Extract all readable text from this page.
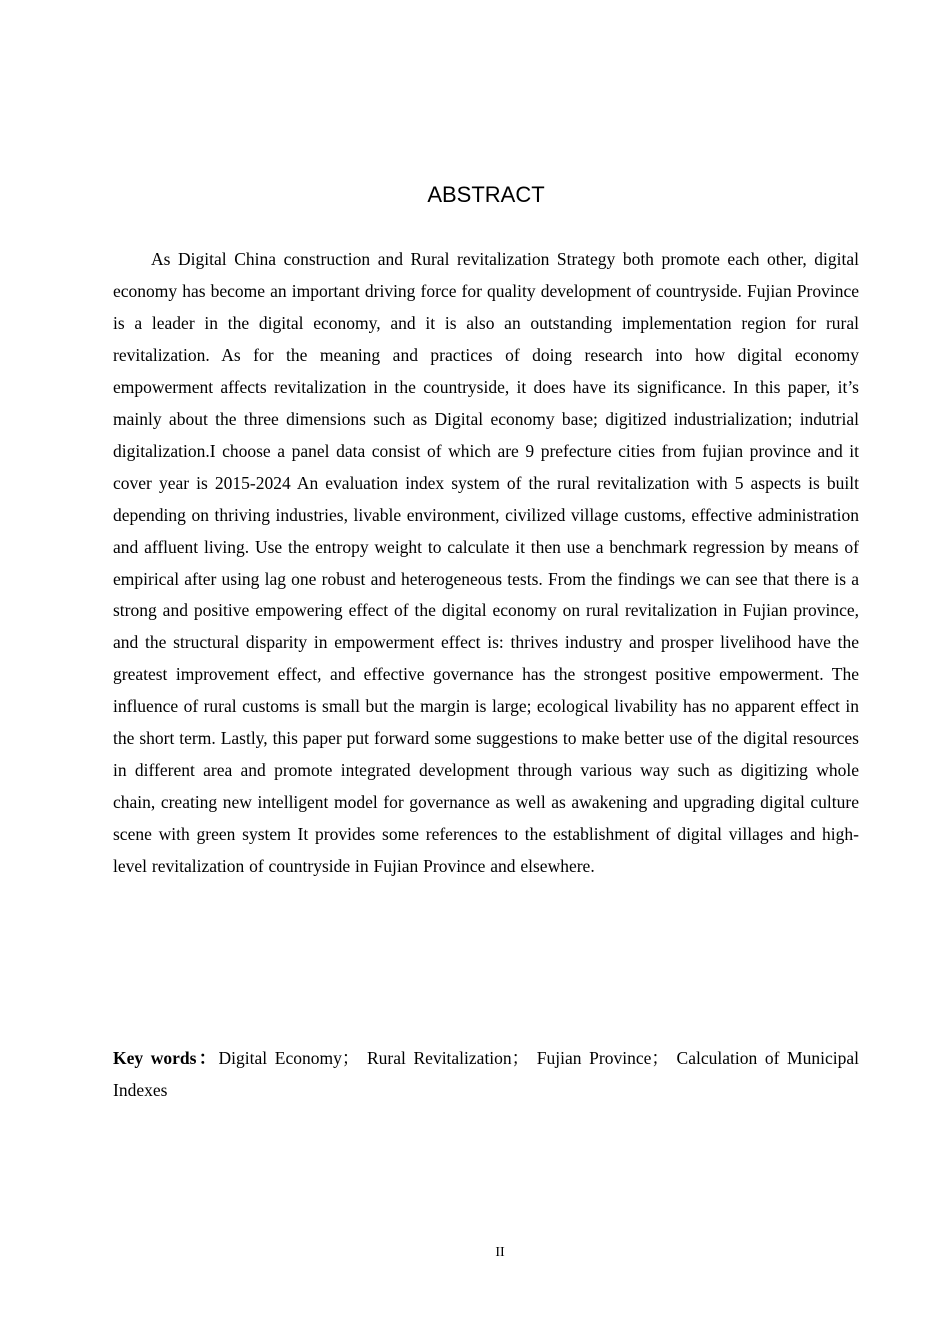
ABSTRACT

As Digital China construction and Rural revitalization Strategy both promote each other, digital economy has become an important driving force for quality development of countryside. Fujian Province is a leader in the digital economy, and it is also an outstanding implementation region for rural revitalization. As for the meaning and practices of doing research into how digital economy empowerment affects revitalization in the countryside, it does have its significance. In this paper, it’s mainly about the three dimensions such as Digital economy base; digitized industrialization; indutrial digitalization.I choose a panel data consist of which are 9 prefecture cities from fujian province and it cover year is 2015-2024 An evaluation index system of the rural revitalization with 5 aspects is built depending on thriving industries, livable environment, civilized village customs, effective administration and affluent living. Use the entropy weight to calculate it then use a benchmark regression by means of empirical after using lag one robust and heterogeneous tests. From the findings we can see that there is a strong and positive empowering effect of the digital economy on rural revitalization in Fujian province, and the structural disparity in empowerment effect is: thrives industry and prosper livelihood have the greatest improvement effect, and effective governance has the strongest positive empowerment. The influence of rural customs is small but the margin is large; ecological livability has no apparent effect in the short term. Lastly, this paper put forward some suggestions to make better use of the digital resources in different area and promote integrated development through various way such as digitizing whole chain, creating new intelligent model for governance as well as awakening and upgrading digital culture scene with green system It provides some references to the establishment of digital villages and high-level revitalization of countryside in Fujian Province and elsewhere.

Key words：Digital Economy； Rural Revitalization； Fujian Province； Calculation of Municipal Indexes

II
